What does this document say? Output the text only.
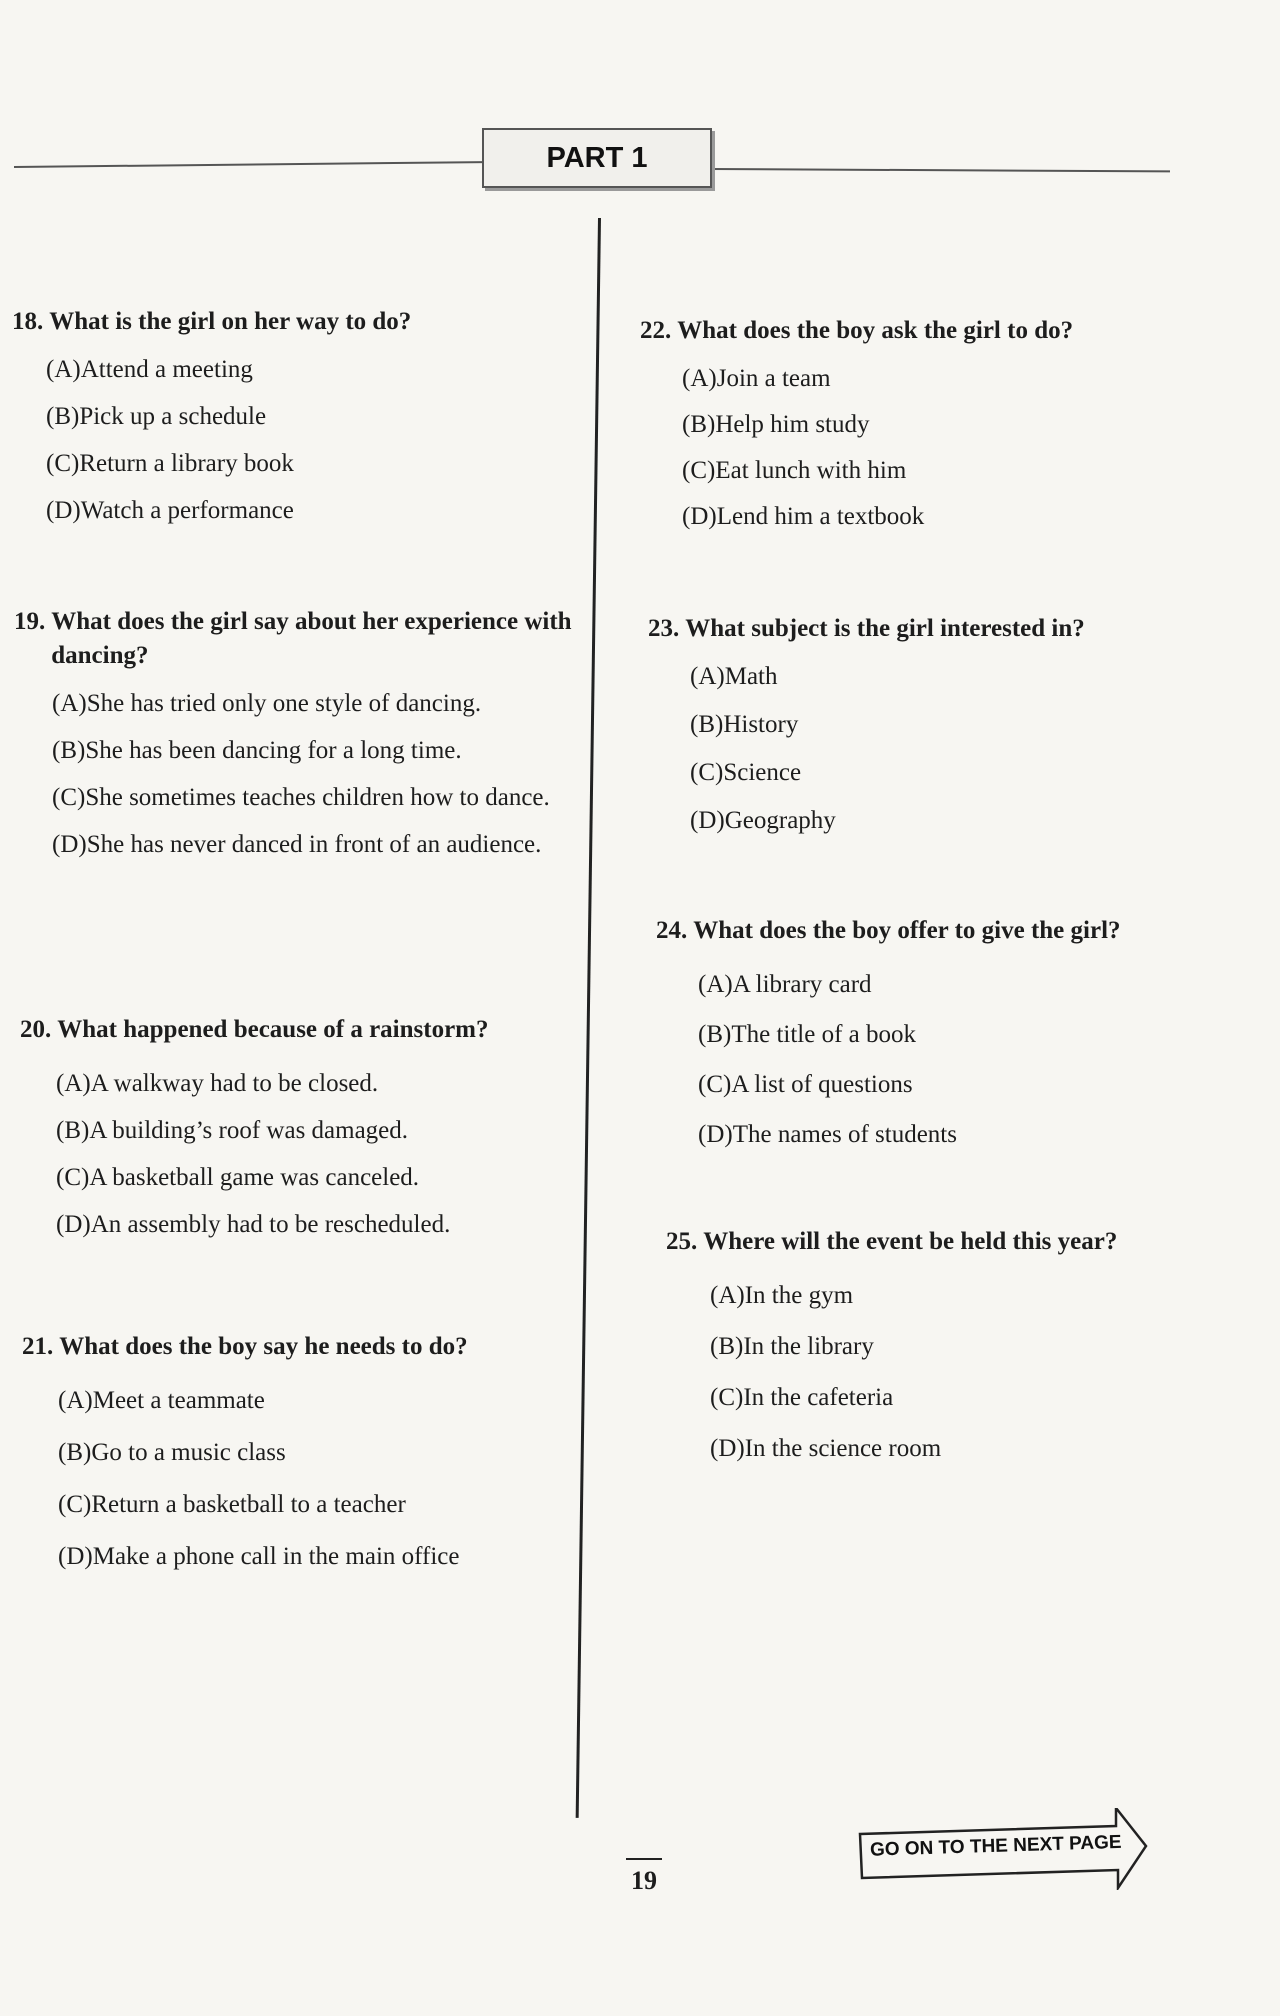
PART 1
18. What is the girl on her way to do?
(A) Attend a meeting
(B) Pick up a schedule
(C) Return a library book
(D) Watch a performance
19. What does the girl say about her experience with dancing?
(A) She has tried only one style of dancing.
(B) She has been dancing for a long time.
(C) She sometimes teaches children how to dance.
(D) She has never danced in front of an audience.
20. What happened because of a rainstorm?
(A) A walkway had to be closed.
(B) A building’s roof was damaged.
(C) A basketball game was canceled.
(D) An assembly had to be rescheduled.
21. What does the boy say he needs to do?
(A) Meet a teammate
(B) Go to a music class
(C) Return a basketball to a teacher
(D) Make a phone call in the main office
22. What does the boy ask the girl to do?
(A) Join a team
(B) Help him study
(C) Eat lunch with him
(D) Lend him a textbook
23. What subject is the girl interested in?
(A) Math
(B) History
(C) Science
(D) Geography
24. What does the boy offer to give the girl?
(A) A library card
(B) The title of a book
(C) A list of questions
(D) The names of students
25. Where will the event be held this year?
(A) In the gym
(B) In the library
(C) In the cafeteria
(D) In the science room
19
GO ON TO THE NEXT PAGE
